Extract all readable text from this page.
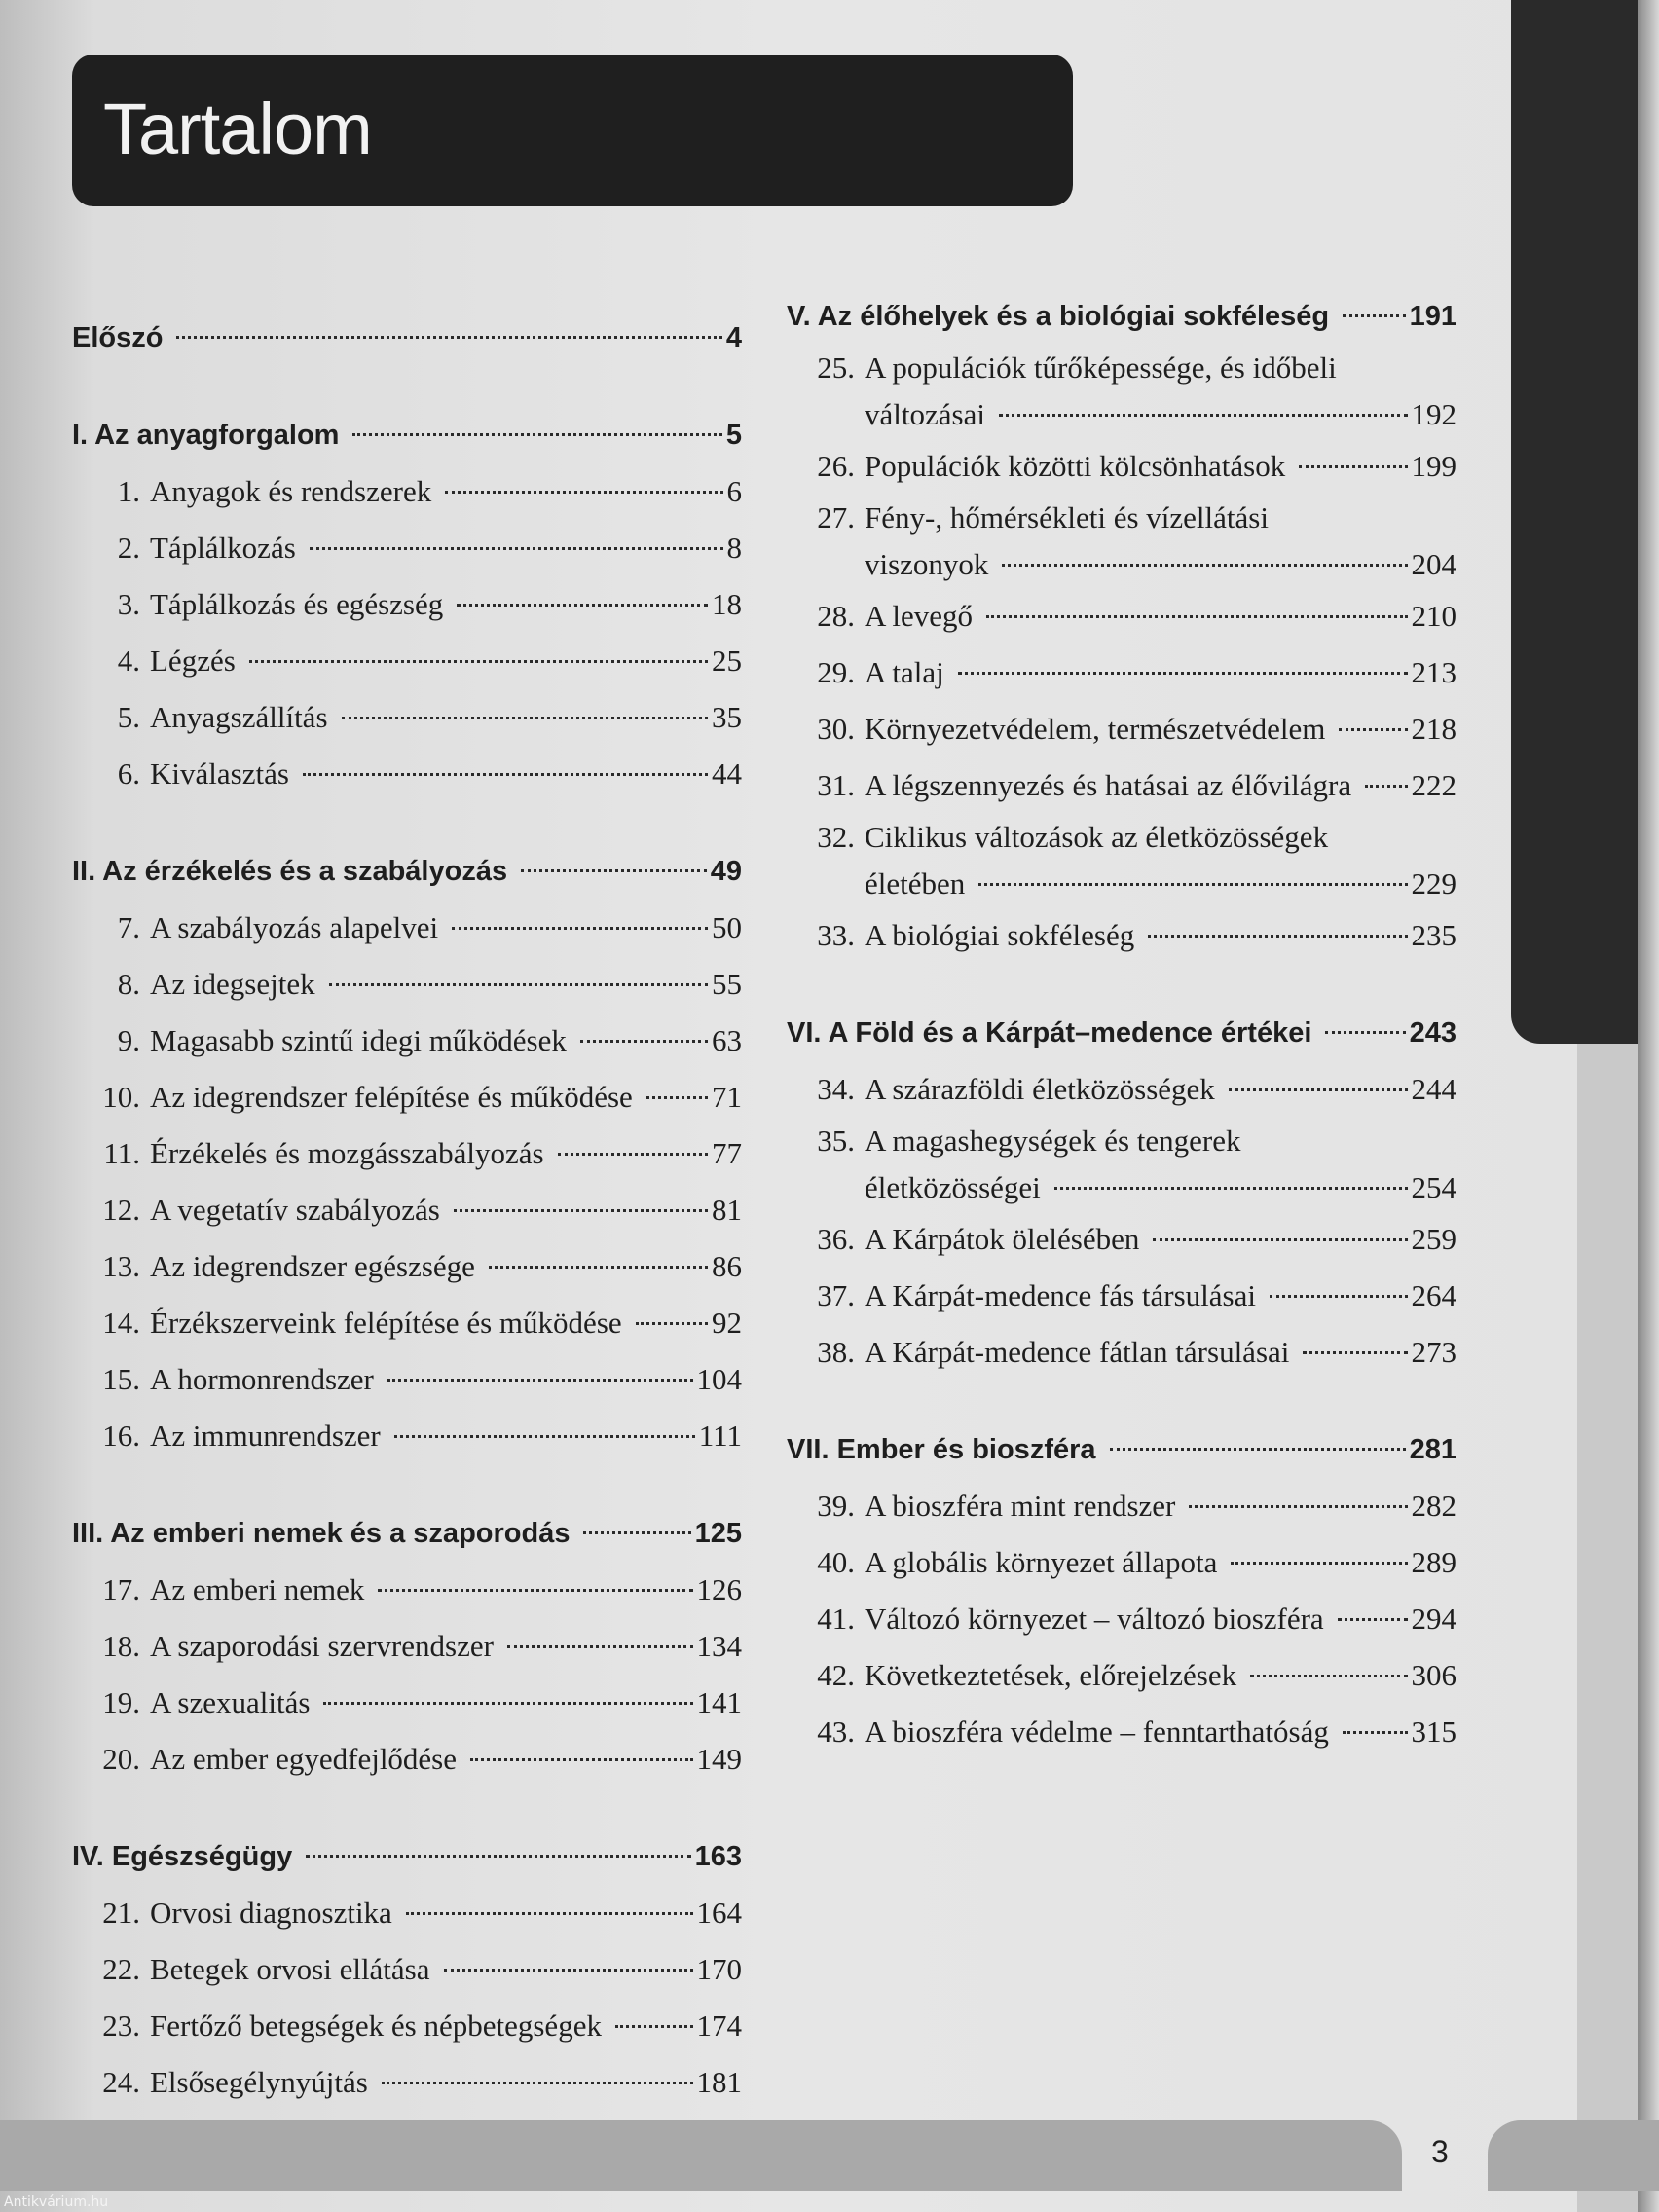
Tartalom
Előszó	4
I. Az anyagforgalom	5
1. Anyagok és rendszerek	6
2. Táplálkozás	8
3. Táplálkozás és egészség	18
4. Légzés	25
5. Anyagszállítás	35
6. Kiválasztás	44
II. Az érzékelés és a szabályozás	49
7. A szabályozás alapelvei	50
8. Az idegsejtek	55
9. Magasabb szintű idegi működések	63
10. Az idegrendszer felépítése és működése	71
11. Érzékelés és mozgásszabályozás	77
12. A vegetatív szabályozás	81
13. Az idegrendszer egészsége	86
14. Érzékszerveink felépítése és működése	92
15. A hormonrendszer	104
16. Az immunrendszer	111
III. Az emberi nemek és a szaporodás	125
17. Az emberi nemek	126
18. A szaporodási szervrendszer	134
19. A szexualitás	141
20. Az ember egyedfejlődése	149
IV. Egészségügy	163
21. Orvosi diagnosztika	164
22. Betegek orvosi ellátása	170
23. Fertőző betegségek és népbetegségek	174
24. Elsősegélynyújtás	181
V. Az élőhelyek és a biológiai sokféleség	191
25. A populációk tűrőképessége, és időbeli
változásai	192
26. Populációk közötti kölcsönhatások	199
27. Fény-, hőmérsékleti és vízellátási
viszonyok	204
28. A levegő	210
29. A talaj	213
30. Környezetvédelem, természetvédelem	218
31. A légszennyezés és hatásai az élővilágra 222
32. Ciklikus változások az életközösségek
életében	229
33. A biológiai sokféleség	235
VI. A Föld és a Kárpát–medence értékei	243
34. A szárazföldi életközösségek	244
35. A magashegységek és tengerek
életközösségei	254
36. A Kárpátok ölelésében	259
37. A Kárpát-medence fás társulásai	264
38. A Kárpát-medence fátlan társulásai	273
VII. Ember és bioszféra	281
39. A bioszféra mint rendszer	282
40. A globális környezet állapota	289
41. Változó környezet – változó bioszféra	294
42. Következtetések, előrejelzések	306
43. A bioszféra védelme – fenntarthatóság	315
3
Antikvárium.hu
